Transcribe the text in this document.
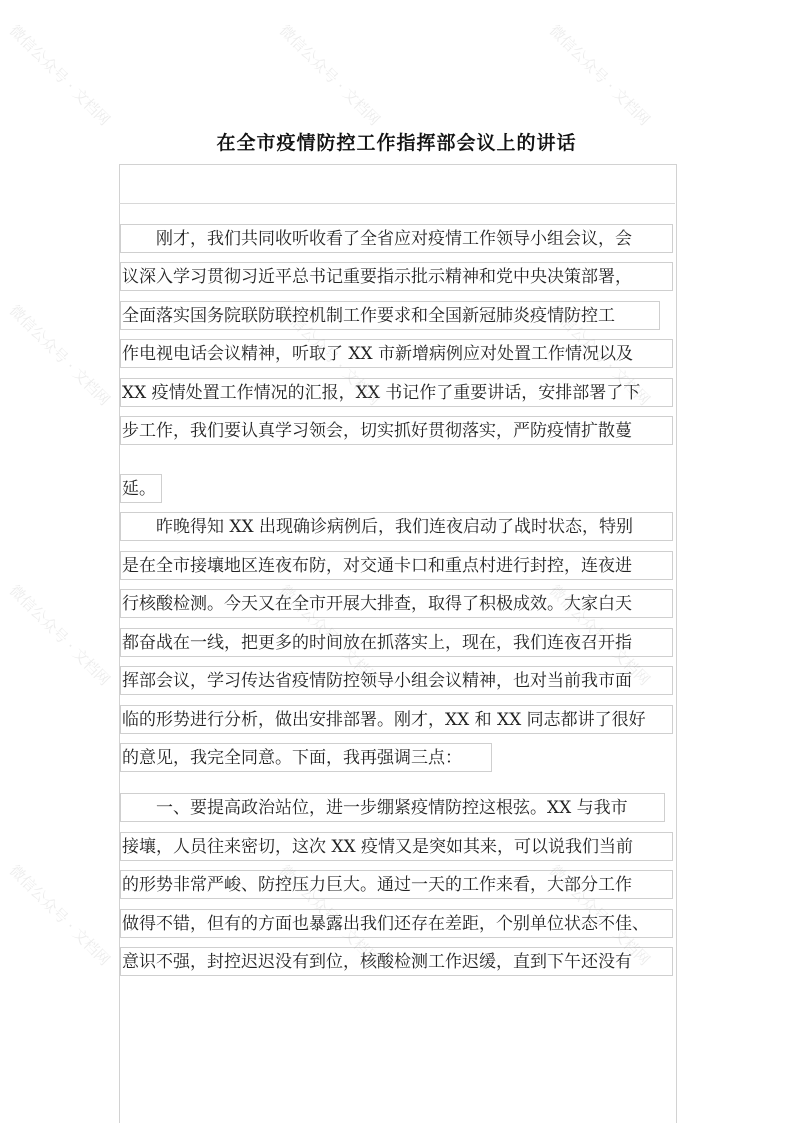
在全市疫情防控工作指挥部会议上的讲话
　　刚才，我们共同收听收看了全省应对疫情工作领导小组会议，会
议深入学习贯彻习近平总书记重要指示批示精神和党中央决策部署，
全面落实国务院联防联控机制工作要求和全国新冠肺炎疫情防控工
作电视电话会议精神，听取了 XX 市新增病例应对处置工作情况以及
XX 疫情处置工作情况的汇报，XX 书记作了重要讲话，安排部署了下
步工作，我们要认真学习领会，切实抓好贯彻落实，严防疫情扩散蔓
延。
　　昨晚得知 XX 出现确诊病例后，我们连夜启动了战时状态，特别
是在全市接壤地区连夜布防，对交通卡口和重点村进行封控，连夜进
行核酸检测。今天又在全市开展大排查，取得了积极成效。大家白天
都奋战在一线，把更多的时间放在抓落实上，现在，我们连夜召开指
挥部会议，学习传达省疫情防控领导小组会议精神，也对当前我市面
临的形势进行分析，做出安排部署。刚才，XX 和 XX 同志都讲了很好
的意见，我完全同意。下面，我再强调三点：
　　一、要提高政治站位，进一步绷紧疫情防控这根弦。XX 与我市
接壤，人员往来密切，这次 XX 疫情又是突如其来，可以说我们当前
的形势非常严峻、防控压力巨大。通过一天的工作来看，大部分工作
做得不错，但有的方面也暴露出我们还存在差距，个别单位状态不佳、
意识不强，封控迟迟没有到位，核酸检测工作迟缓，直到下午还没有
微信公众号 · 文档网	微信公众号 · 文档网	微信公众号 · 文档网
微信公众号 · 文档网	微信公众号 · 文档网	微信公众号 · 文档网
微信公众号 · 文档网	微信公众号 · 文档网	微信公众号 · 文档网
微信公众号 · 文档网	微信公众号 · 文档网	微信公众号 · 文档网
